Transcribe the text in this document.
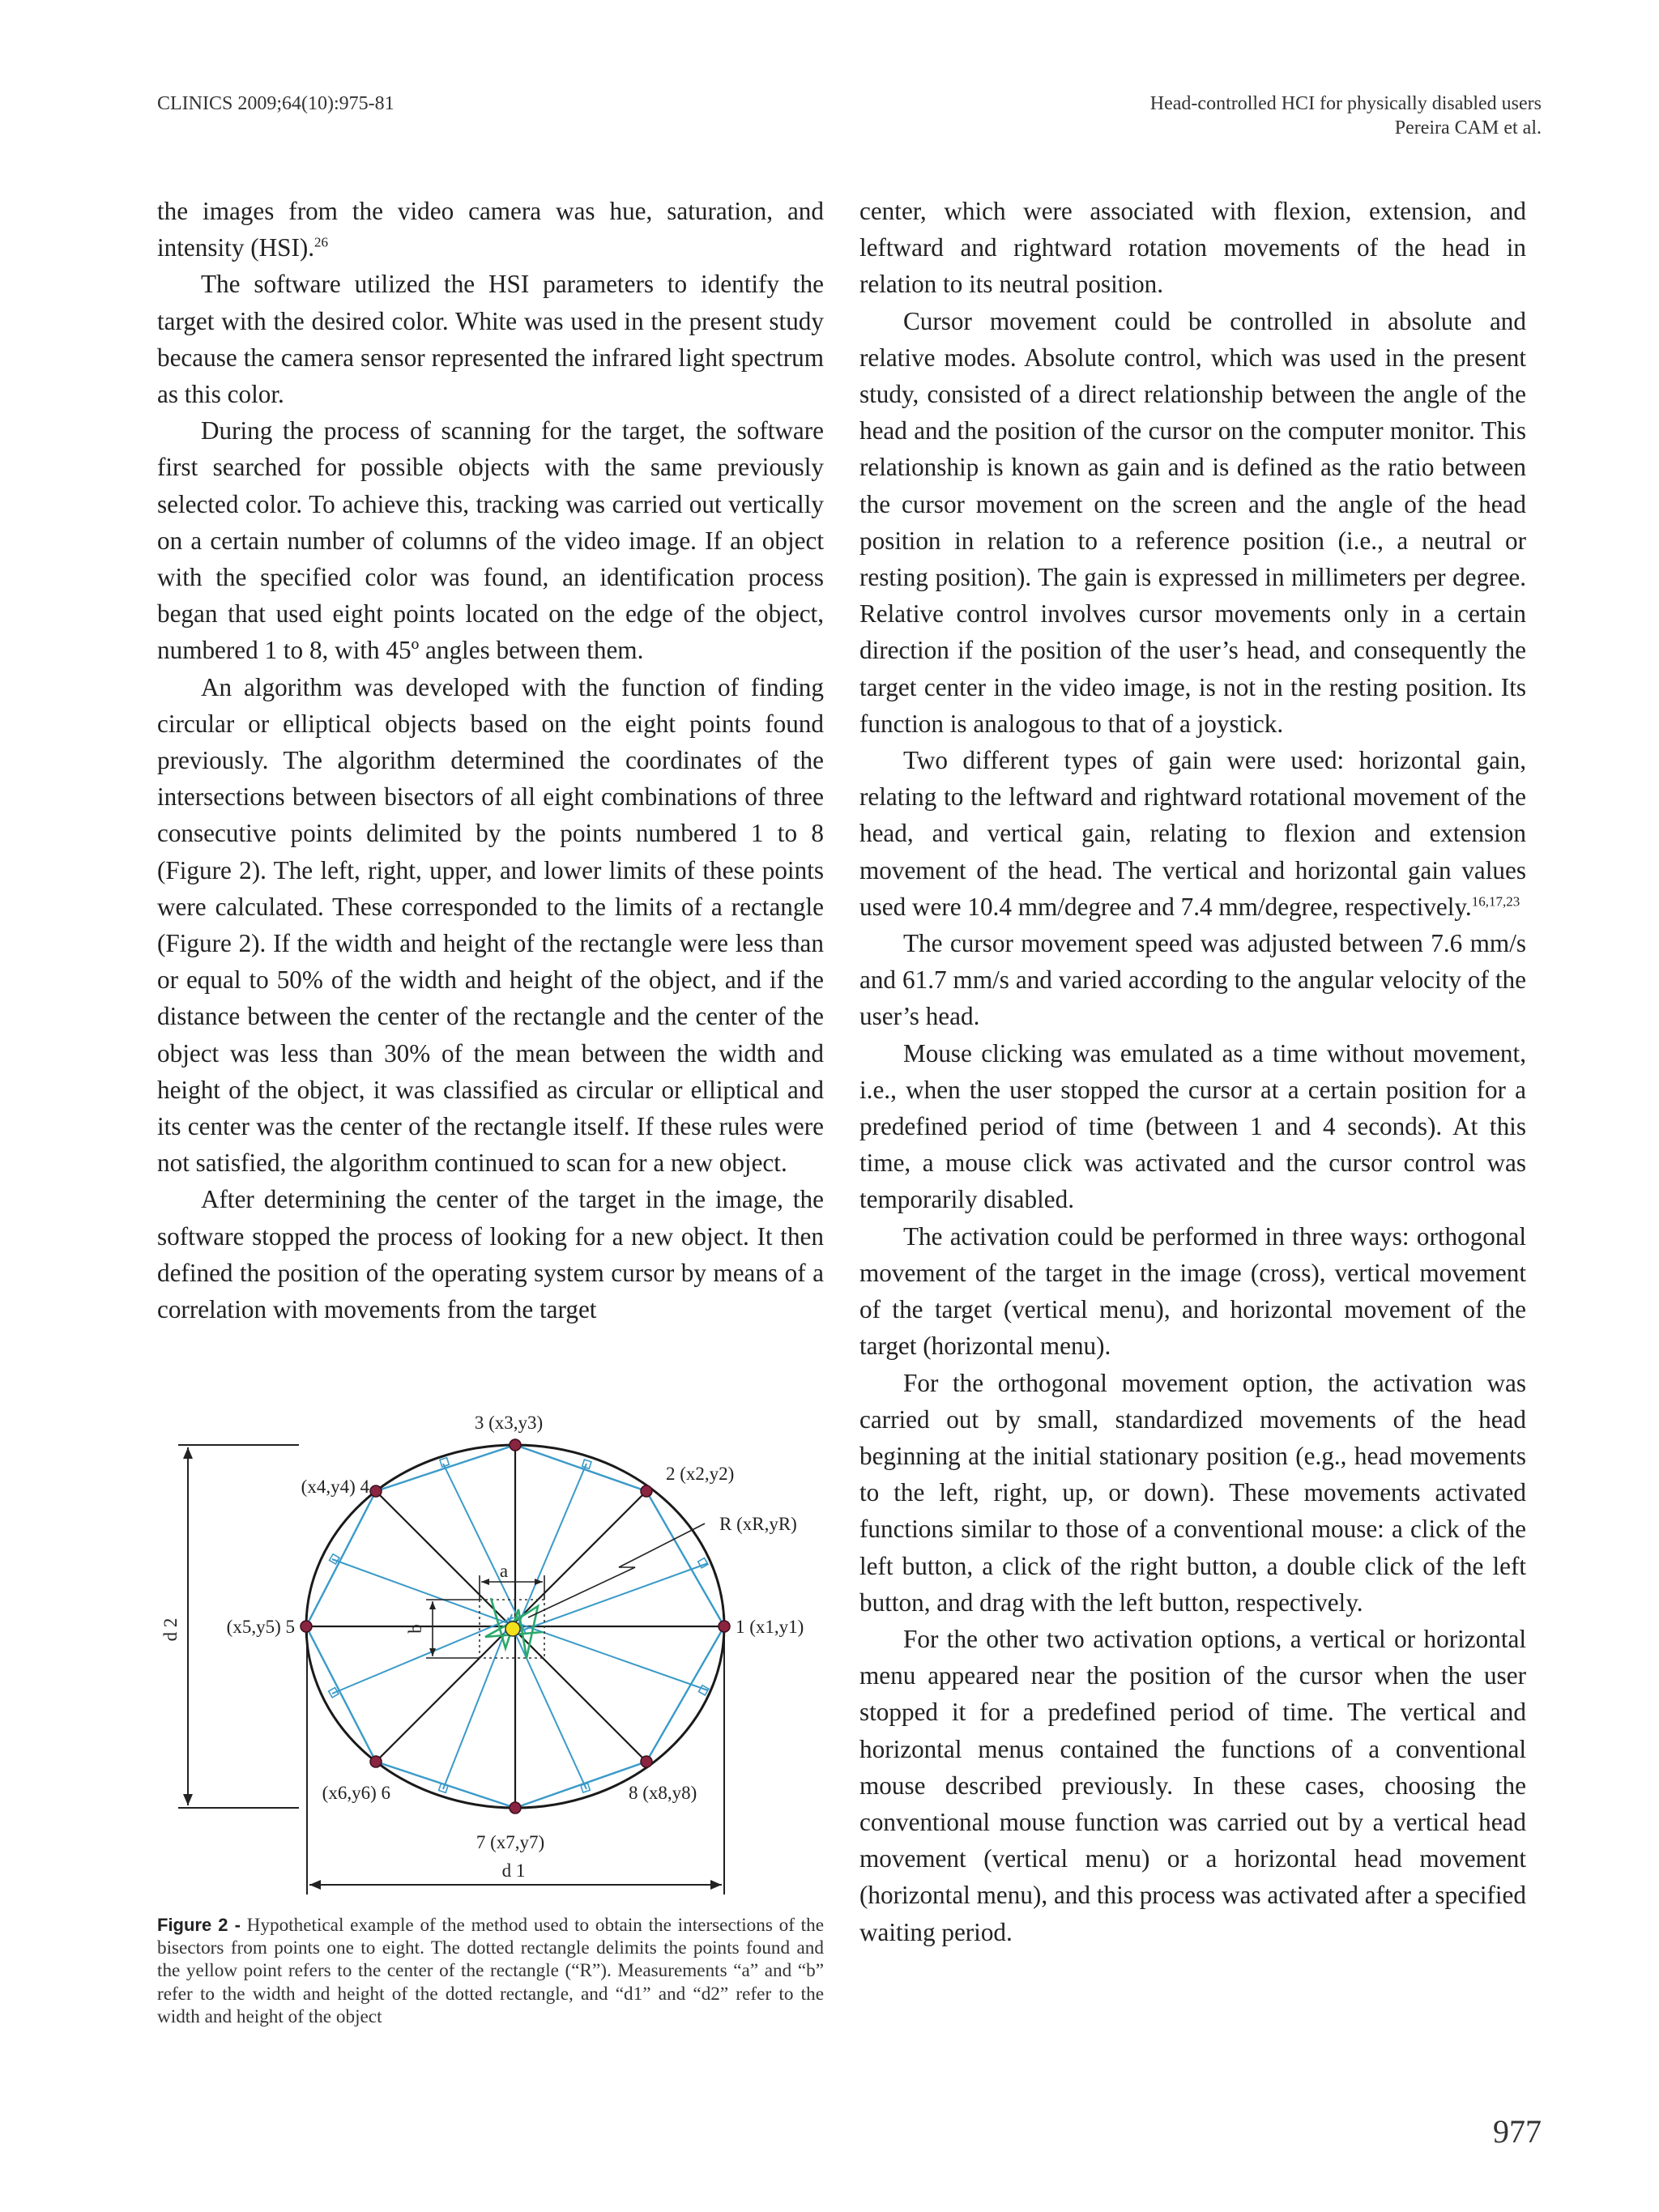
CLINICS 2009;64(10):975-81	Head-controlled HCI for physically disabled users
Pereira CAM et al.

the images from the video camera was hue, saturation, and intensity (HSI).$^{26}$

The software utilized the HSI parameters to identify the target with the desired color. White was used in the present study because the camera sensor represented the infrared light spectrum as this color.

During the process of scanning for the target, the software first searched for possible objects with the same previously selected color. To achieve this, tracking was carried out vertically on a certain number of columns of the video image. If an object with the specified color was found, an identification process began that used eight points located on the edge of the object, numbered 1 to 8, with 45º angles between them.

An algorithm was developed with the function of finding circular or elliptical objects based on the eight points found previously. The algorithm determined the coordinates of the intersections between bisectors of all eight combinations of three consecutive points delimited by the points numbered 1 to 8 (Figure 2). The left, right, upper, and lower limits of these points were calculated. These corresponded to the limits of a rectangle (Figure 2). If the width and height of the rectangle were less than or equal to 50% of the width and height of the object, and if the distance between the center of the rectangle and the center of the object was less than 30% of the mean between the width and height of the object, it was classified as circular or elliptical and its center was the center of the rectangle itself. If these rules were not satisfied, the algorithm continued to scan for a new object.

After determining the center of the target in the image, the software stopped the process of looking for a new object. It then defined the position of the operating system cursor by means of a correlation with movements from the target

center, which were associated with flexion, extension, and leftward and rightward rotation movements of the head in relation to its neutral position.

Cursor movement could be controlled in absolute and relative modes. Absolute control, which was used in the present study, consisted of a direct relationship between the angle of the head and the position of the cursor on the computer monitor. This relationship is known as gain and is defined as the ratio between the cursor movement on the screen and the angle of the head position in relation to a reference position (i.e., a neutral or resting position). The gain is expressed in millimeters per degree. Relative control involves cursor movements only in a certain direction if the position of the user’s head, and consequently the target center in the video image, is not in the resting position. Its function is analogous to that of a joystick.

Two different types of gain were used: horizontal gain, relating to the leftward and rightward rotational movement of the head, and vertical gain, relating to flexion and extension movement of the head. The vertical and horizontal gain values used were 10.4 mm/degree and 7.4 mm/degree, respectively.$^{16,17,23}$

The cursor movement speed was adjusted between 7.6 mm/s and 61.7 mm/s and varied according to the angular velocity of the user’s head.

Mouse clicking was emulated as a time without movement, i.e., when the user stopped the cursor at a certain position for a predefined period of time (between 1 and 4 seconds). At this time, a mouse click was activated and the cursor control was temporarily disabled.

The activation could be performed in three ways: orthogonal movement of the target in the image (cross), vertical movement of the target (vertical menu), and horizontal movement of the target (horizontal menu).

For the orthogonal movement option, the activation was carried out by small, standardized movements of the head beginning at the initial stationary position (e.g., head movements to the left, right, up, or down). These movements activated functions similar to those of a conventional mouse: a click of the left button, a click of the right button, a double click of the left button, and drag with the left button, respectively.

For the other two activation options, a vertical or horizontal menu appeared near the position of the cursor when the user stopped it for a predefined period of time. The vertical and horizontal menus contained the functions of a conventional mouse described previously. In these cases, choosing the conventional mouse function was carried out by a vertical head movement (vertical menu) or a horizontal head movement (horizontal menu), and this process was activated after a specified waiting period.

d 2
d 1
a
b	1 (x1,y1)
2 (x2,y2)
3 (x3,y3)
(x4,y4) 4
(x5,y5) 5
(x6,y6) 6
7 (x7,y7)
8 (x8,y8)
R (xR,yR)
Figure 2 - Hypothetical example of the method used to obtain the intersections of the bisectors from points one to eight. The dotted rectangle delimits the points found and the yellow point refers to the center of the rectangle (“R”). Measurements “a” and “b” refer to the width and height of the dotted rectangle, and “d1” and “d2” refer to the width and height of the object
977
